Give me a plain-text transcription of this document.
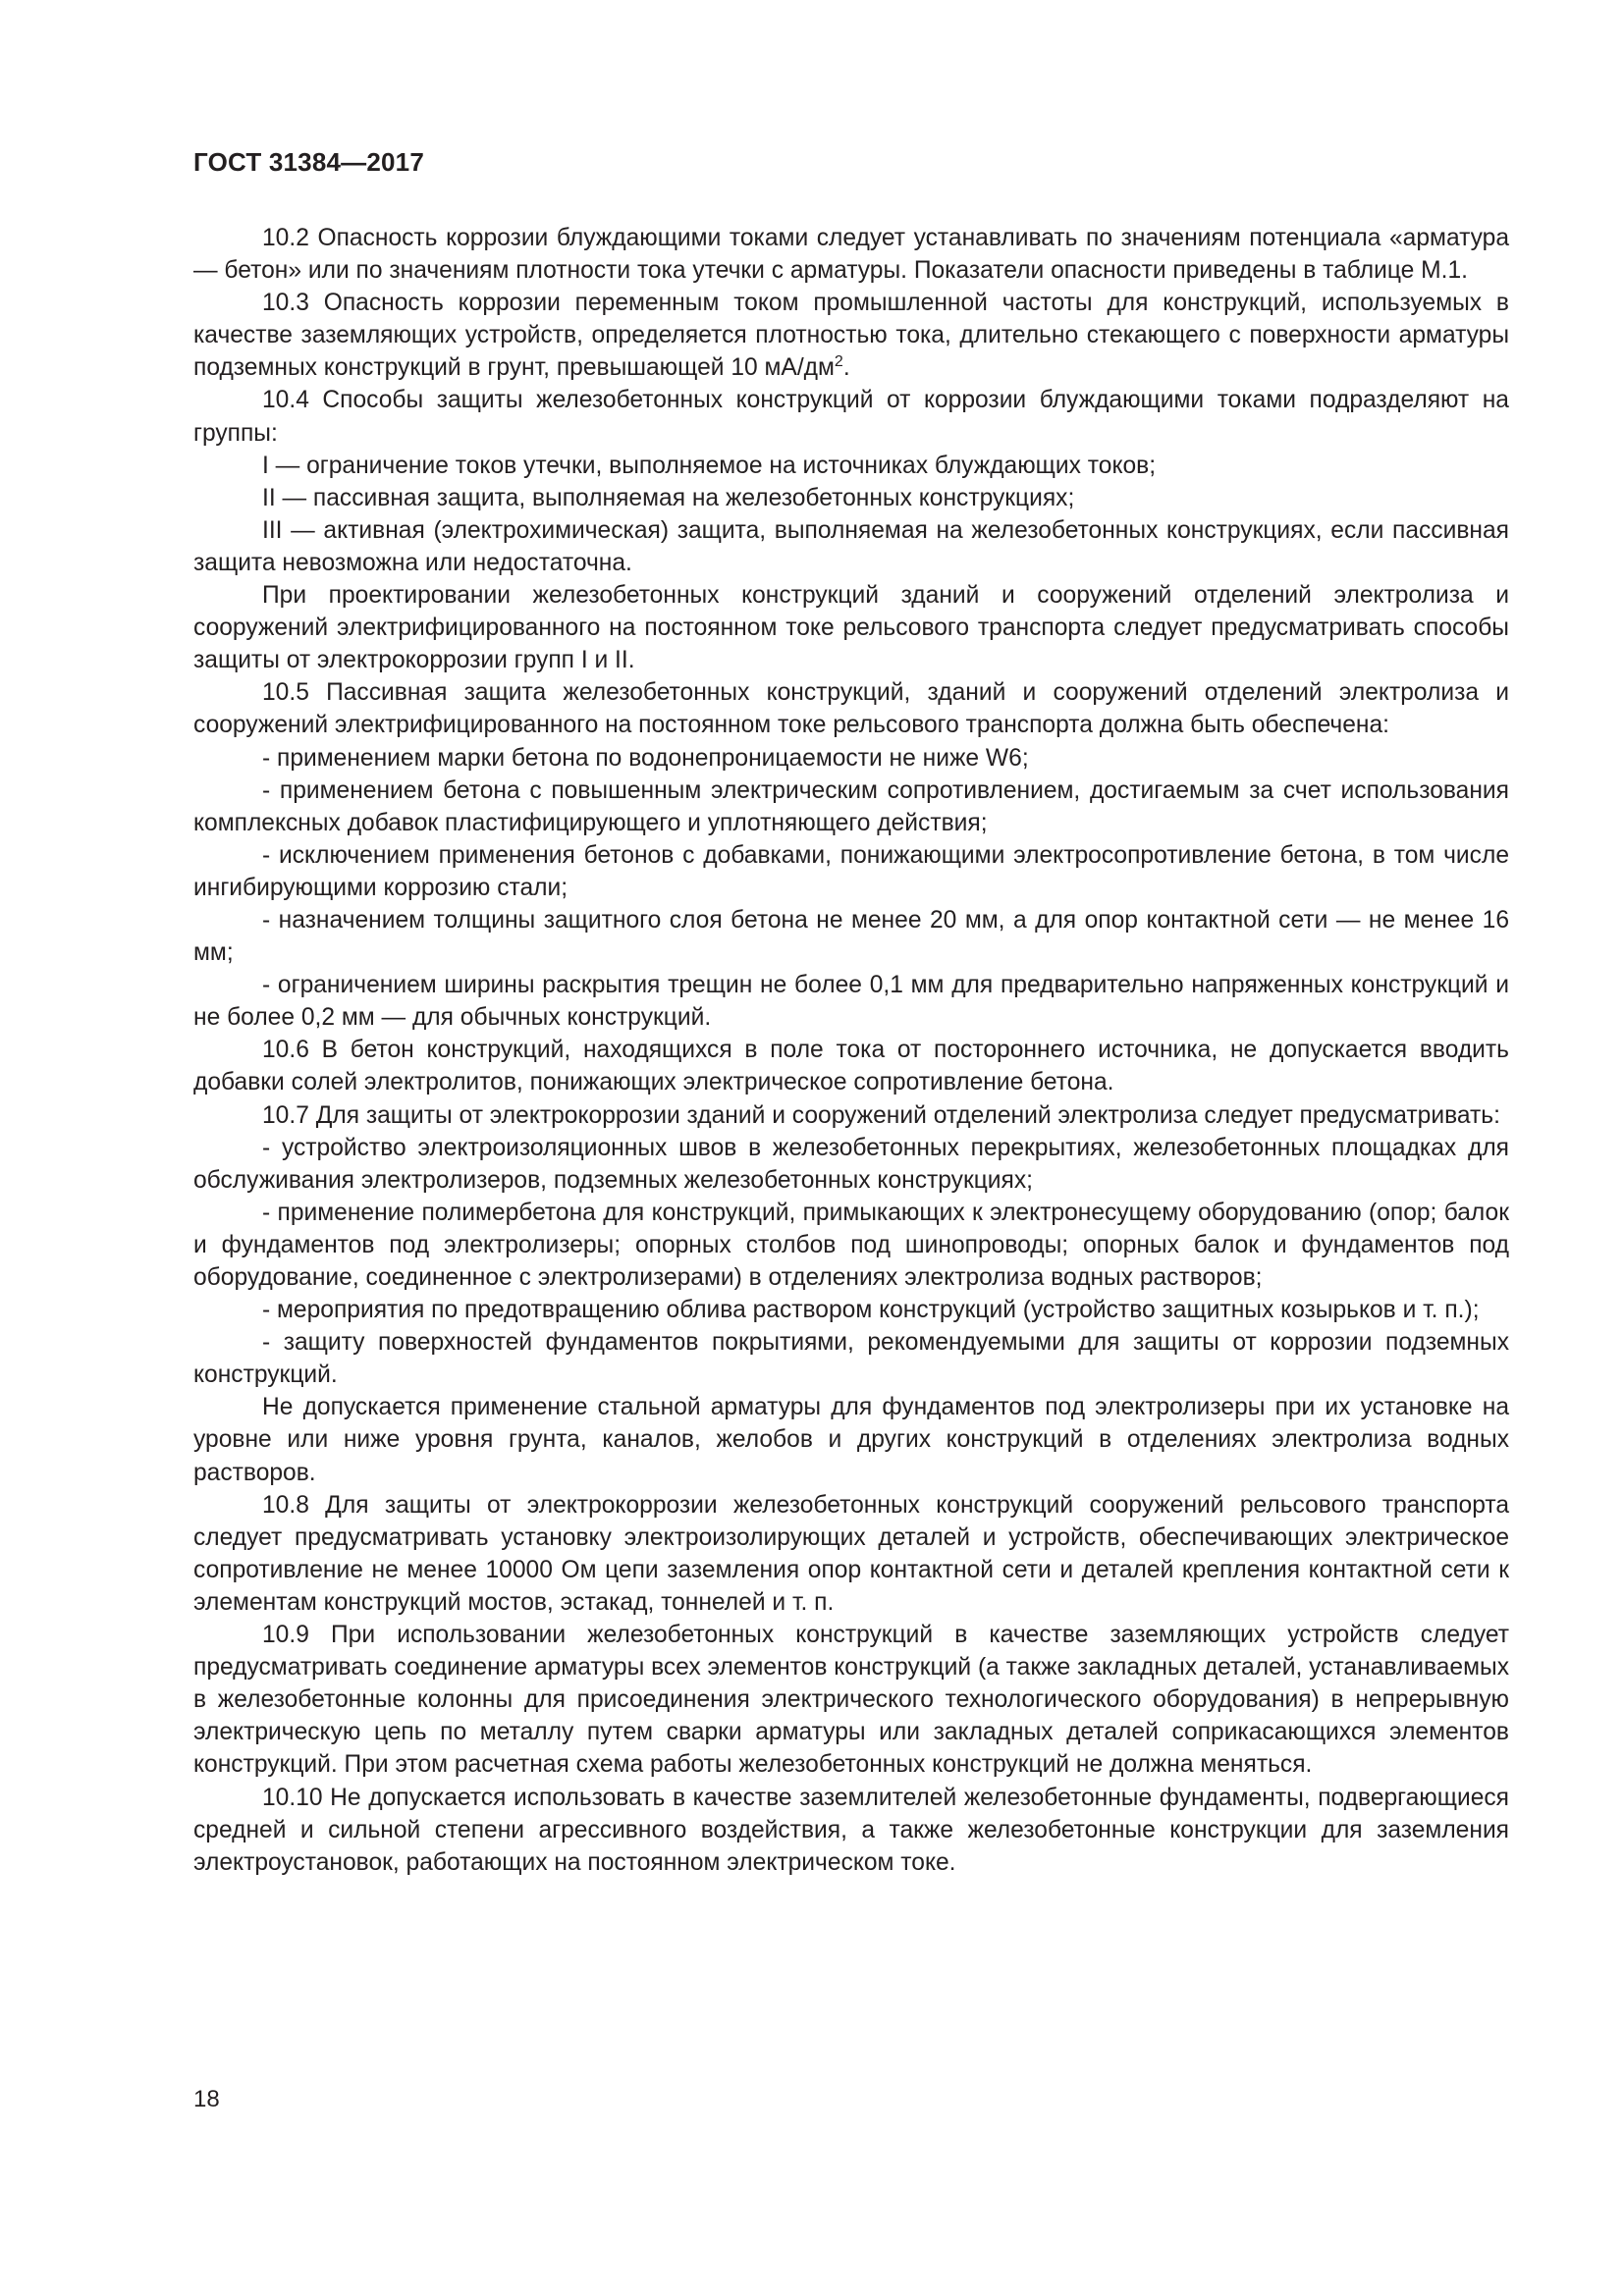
ГОСТ 31384—2017

10.2 Опасность коррозии блуждающими токами следует устанавливать по значениям потенциала «арматура — бетон» или по значениям плотности тока утечки с арматуры. Показатели опасности приведены в таблице М.1.

10.3 Опасность коррозии переменным током промышленной частоты для конструкций, используемых в качестве заземляющих устройств, определяется плотностью тока, длительно стекающего с поверхности арматуры подземных конструкций в грунт, превышающей 10 $мА/дм^2$.

10.4 Способы защиты железобетонных конструкций от коррозии блуждающими токами подразделяют на группы:

I — ограничение токов утечки, выполняемое на источниках блуждающих токов;

II — пассивная защита, выполняемая на железобетонных конструкциях;

III — активная (электрохимическая) защита, выполняемая на железобетонных конструкциях, если пассивная защита невозможна или недостаточна.

При проектировании железобетонных конструкций зданий и сооружений отделений электролиза и сооружений электрифицированного на постоянном токе рельсового транспорта следует предусматривать способы защиты от электрокоррозии групп I и II.

10.5 Пассивная защита железобетонных конструкций, зданий и сооружений отделений электролиза и сооружений электрифицированного на постоянном токе рельсового транспорта должна быть обеспечена:

- применением марки бетона по водонепроницаемости не ниже W6;

- применением бетона с повышенным электрическим сопротивлением, достигаемым за счет использования комплексных добавок пластифицирующего и уплотняющего действия;

- исключением применения бетонов с добавками, понижающими электросопротивление бетона, в том числе ингибирующими коррозию стали;

- назначением толщины защитного слоя бетона не менее 20 мм, а для опор контактной сети — не менее 16 мм;

- ограничением ширины раскрытия трещин не более 0,1 мм для предварительно напряженных конструкций и не более 0,2 мм — для обычных конструкций.

10.6 В бетон конструкций, находящихся в поле тока от постороннего источника, не допускается вводить добавки солей электролитов, понижающих электрическое сопротивление бетона.

10.7 Для защиты от электрокоррозии зданий и сооружений отделений электролиза следует предусматривать:

- устройство электроизоляционных швов в железобетонных перекрытиях, железобетонных площадках для обслуживания электролизеров, подземных железобетонных конструкциях;

- применение полимербетона для конструкций, примыкающих к электронесущему оборудованию (опор; балок и фундаментов под электролизеры; опорных столбов под шинопроводы; опорных балок и фундаментов под оборудование, соединенное с электролизерами) в отделениях электролиза водных растворов;

- мероприятия по предотвращению облива раствором конструкций (устройство защитных козырьков и т. п.);

- защиту поверхностей фундаментов покрытиями, рекомендуемыми для защиты от коррозии подземных конструкций.

Не допускается применение стальной арматуры для фундаментов под электролизеры при их установке на уровне или ниже уровня грунта, каналов, желобов и других конструкций в отделениях электролиза водных растворов.

10.8 Для защиты от электрокоррозии железобетонных конструкций сооружений рельсового транспорта следует предусматривать установку электроизолирующих деталей и устройств, обеспечивающих электрическое сопротивление не менее 10000 Ом цепи заземления опор контактной сети и деталей крепления контактной сети к элементам конструкций мостов, эстакад, тоннелей и т. п.

10.9 При использовании железобетонных конструкций в качестве заземляющих устройств следует предусматривать соединение арматуры всех элементов конструкций (а также закладных деталей, устанавливаемых в железобетонные колонны для присоединения электрического технологического оборудования) в непрерывную электрическую цепь по металлу путем сварки арматуры или закладных деталей соприкасающихся элементов конструкций. При этом расчетная схема работы железобетонных конструкций не должна меняться.

10.10 Не допускается использовать в качестве заземлителей железобетонные фундаменты, подвергающиеся средней и сильной степени агрессивного воздействия, а также железобетонные конструкции для заземления электроустановок, работающих на постоянном электрическом токе.

18
